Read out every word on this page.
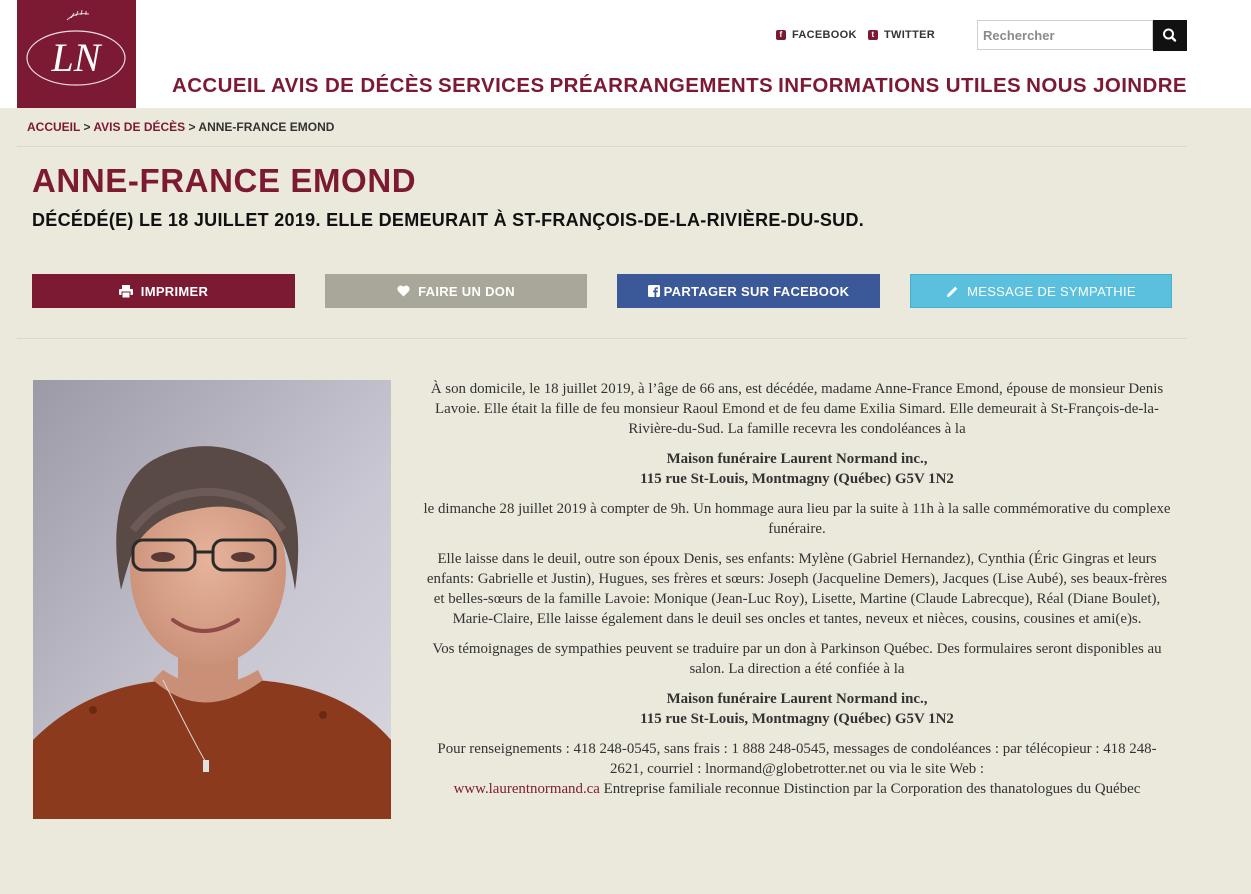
LN
f FACEBOOK	t TWITTER
Rechercher
ACCUEIL AVIS DE DÉCÈS SERVICES PRÉARRANGEMENTS INFORMATIONS UTILES NOUS JOINDRE
ACCUEIL > AVIS DE DÉCÈS > ANNE-FRANCE EMOND
ANNE-FRANCE EMOND
DÉCÉDÉ(E) LE 18 JUILLET 2019. ELLE DEMEURAIT À ST-FRANÇOIS-DE-LA-RIVIÈRE-DU-SUD.
IMPRIMER	FAIRE UN DON	PARTAGER SUR FACEBOOK	MESSAGE DE SYMPATHIE

À son domicile, le 18 juillet 2019, à l’âge de 66 ans, est décédée, madame Anne-France Emond, épouse de monsieur Denis Lavoie. Elle était la fille de feu monsieur Raoul Emond et de feu dame Exilia Simard. Elle demeurait à St-François-de-la-Rivière-du-Sud. La famille recevra les condoléances à la

Maison funéraire Laurent Normand inc.,
115 rue St-Louis, Montmagny (Québec) G5V 1N2

le dimanche 28 juillet 2019 à compter de 9h. Un hommage aura lieu par la suite à 11h à la salle commémorative du complexe funéraire.

Elle laisse dans le deuil, outre son époux Denis, ses enfants: Mylène (Gabriel Hernandez), Cynthia (Éric Gingras et leurs enfants: Gabrielle et Justin), Hugues, ses frères et sœurs: Joseph (Jacqueline Demers), Jacques (Lise Aubé), ses beaux-frères et belles-sœurs de la famille Lavoie: Monique (Jean-Luc Roy), Lisette, Martine (Claude Labrecque), Réal (Diane Boulet), Marie-Claire, Elle laisse également dans le deuil ses oncles et tantes, neveux et nièces, cousins, cousines et ami(e)s.

Vos témoignages de sympathies peuvent se traduire par un don à Parkinson Québec. Des formulaires seront disponibles au salon. La direction a été confiée à la

Maison funéraire Laurent Normand inc.,
115 rue St-Louis, Montmagny (Québec) G5V 1N2

Pour renseignements : 418 248-0545, sans frais : 1 888 248-0545, messages de condoléances : par télécopieur : 418 248-2621, courriel : lnormand@globetrotter.net ou via le site Web :
www.laurentnormand.ca Entreprise familiale reconnue Distinction par la Corporation des thanatologues du Québec
